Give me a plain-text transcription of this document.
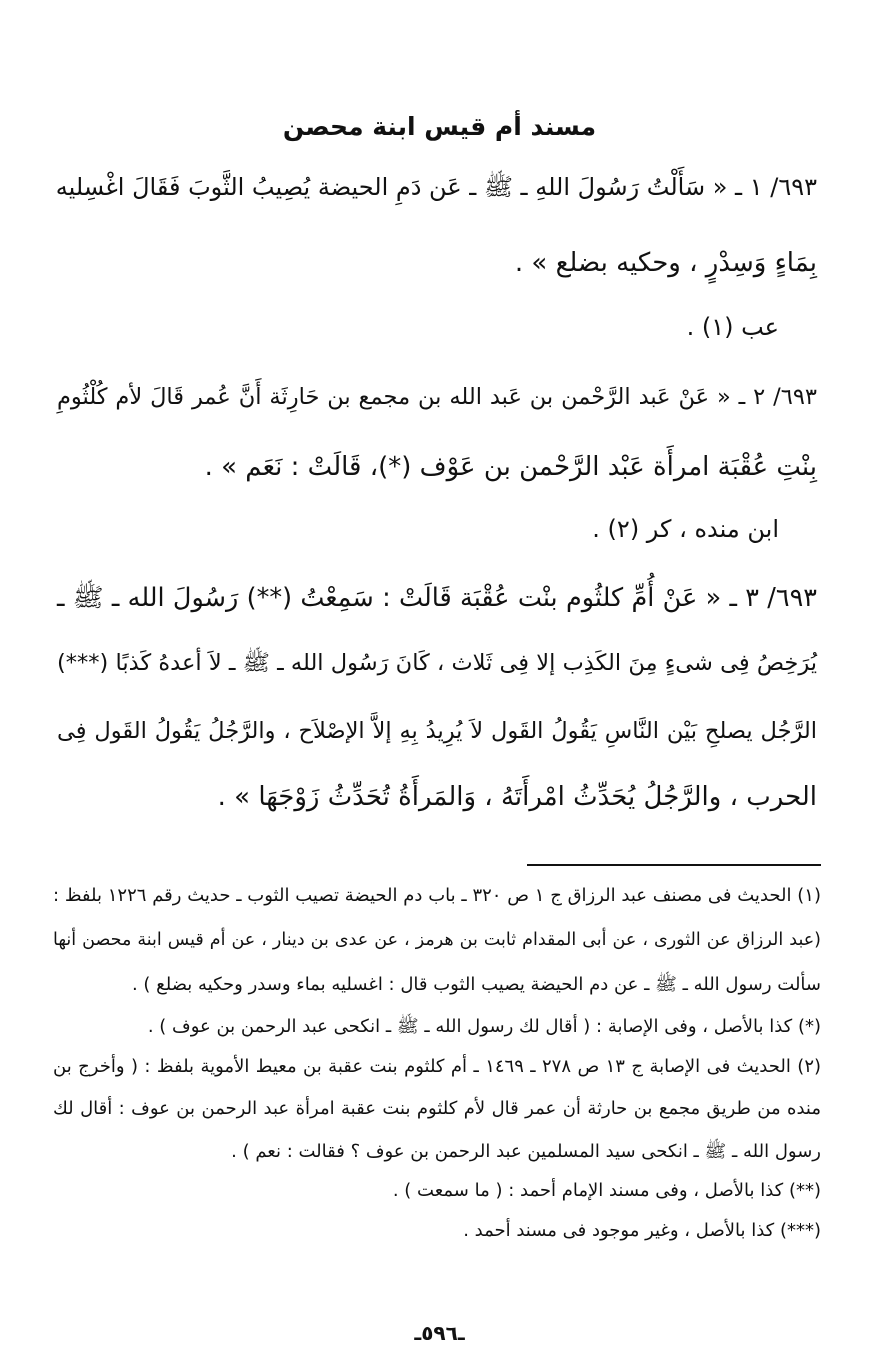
مسند أم قيس ابنة محصن
٦٩٣/ ١ ـ « سَأَلْتُ رَسُولَ اللهِ ـ ﷺ ـ عَن دَمِ الحيضة يُصِيبُ الثَّوبَ فَقَالَ اغْسِليه
بِمَاءٍ وَسِدْرٍ ، وحكيه بضلع » .
عب (١) .
٦٩٣/ ٢ ـ « عَنْ عَبد الرَّحْمن بن عَبد الله بن مجمع بن حَارِثَة أَنَّ عُمر قَالَ لأم كُلْثُومِ
بِنْتِ عُقْبَة امرأَة عَبْد الرَّحْمن بن عَوْف (*)، قَالَتْ : نَعَم » .
ابن منده ، كر (٢) .
٦٩٣/ ٣ ـ « عَنْ أُمِّ كلثُوم بنْت عُقْبَة قَالَتْ : سَمِعْتُ (**) رَسُولَ الله ـ ﷺ ـ
يُرَخِصُ فِى شىءٍ مِنَ الكَذِب إلا فِى ثَلاث ، كَانَ رَسُول الله ـ ﷺ ـ لاَ أعدهُ كَذبًا (***)
الرَّجُل يصلحِ بَيْن النَّاسِ يَقُولُ القَول لاَ يُرِيدُ بِهِ إلاَّ الإصْلاَح ، والرَّجُلُ يَقُولُ القَول فِى
الحرب ، والرَّجُلُ يُحَدِّثُ امْرأَتَهُ ، وَالمَرأَةُ تُحَدِّثُ زَوْجَهَا » .
(١) الحديث فى مصنف عبد الرزاق ج ١ ص ٣٢٠ ـ باب دم الحيضة تصيب الثوب ـ حديث رقم ١٢٢٦ بلفظ :
(عبد الرزاق عن الثورى ، عن أبى المقدام ثابت بن هرمز ، عن عدى بن دينار ، عن أم قيس ابنة محصن أنها
سألت رسول الله ـ ﷺ ـ عن دم الحيضة يصيب الثوب قال : اغسليه بماء وسدر وحكيه بضلع ) .
(*) كذا بالأصل ، وفى الإصابة : ( أقال لك رسول الله ـ ﷺ ـ انكحى عبد الرحمن بن عوف ) .
(٢) الحديث فى الإصابة ج ١٣ ص ٢٧٨ ـ ١٤٦٩ ـ أم كلثوم بنت عقبة بن معيط الأموية بلفظ : ( وأخرج بن
منده من طريق مجمع بن حارثة أن عمر قال لأم كلثوم بنت عقبة امرأة عبد الرحمن بن عوف : أقال لك
رسول الله ـ ﷺ ـ انكحى سيد المسلمين عبد الرحمن بن عوف ؟ فقالت : نعم ) .
(**) كذا بالأصل ، وفى مسند الإمام أحمد : ( ما سمعت ) .
(***) كذا بالأصل ، وغير موجود فى مسند أحمد .
ـ٥٩٦ـ
